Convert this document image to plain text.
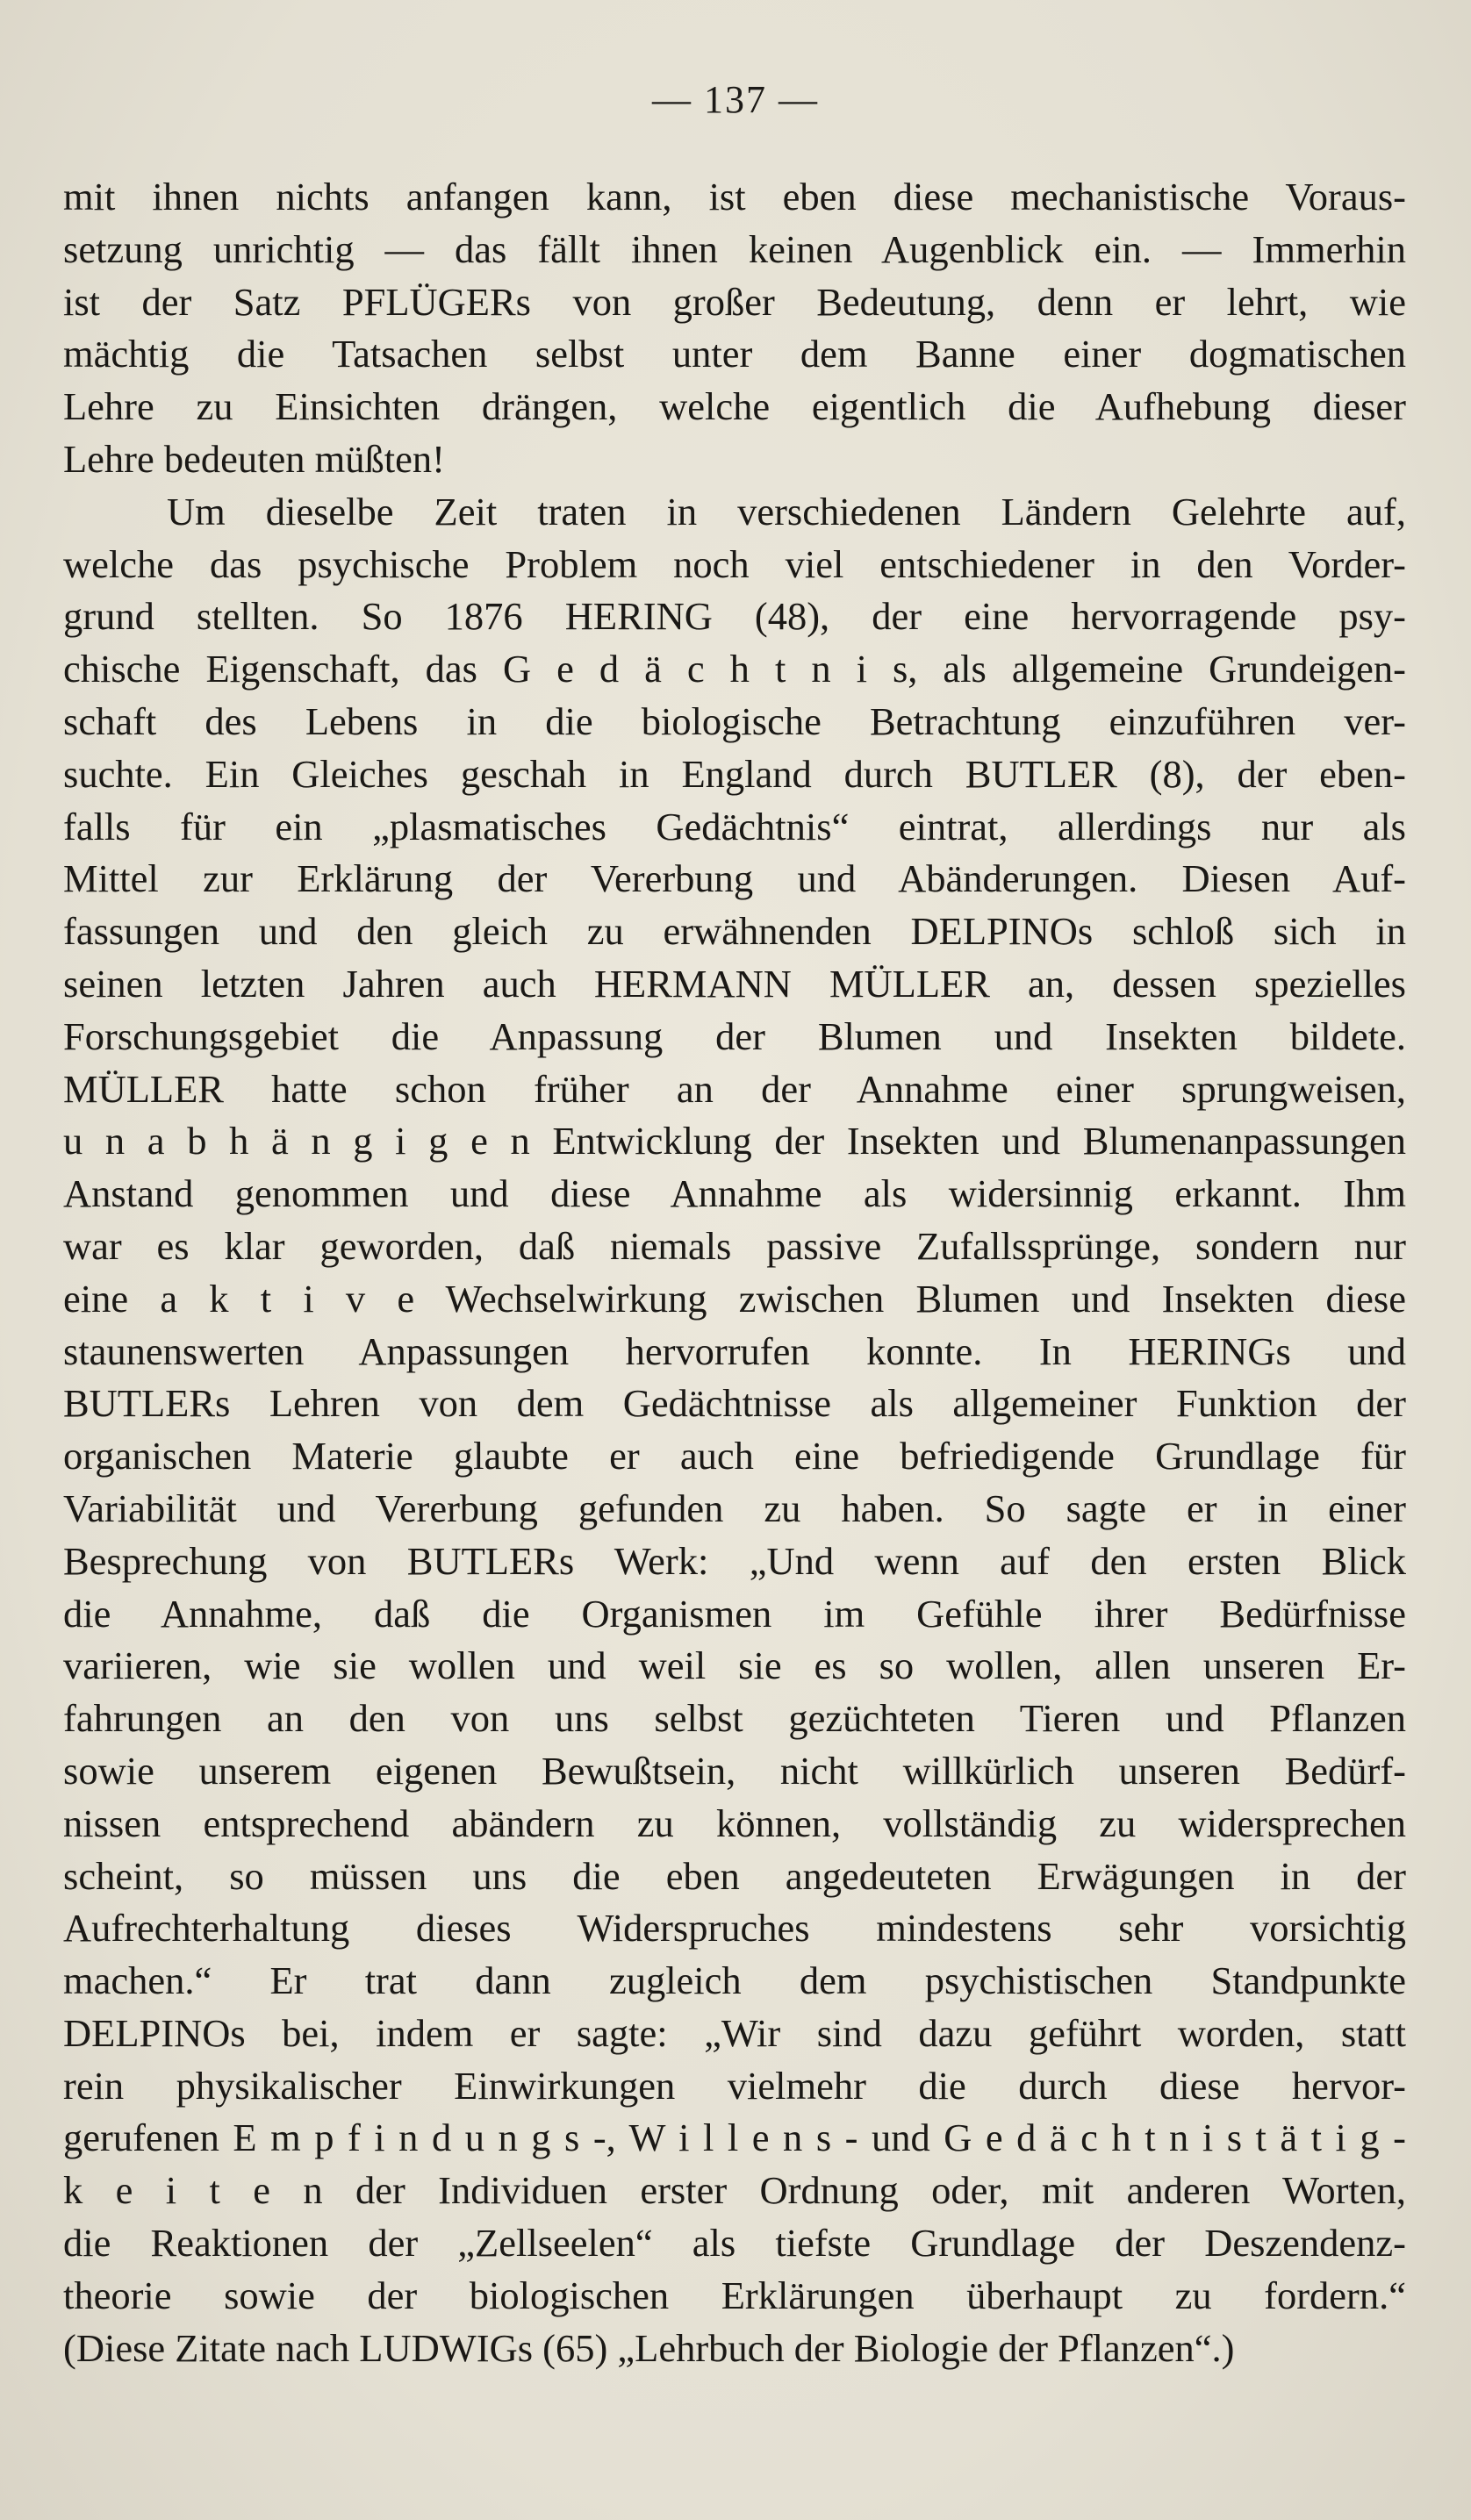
— 137 —
mit ihnen nichts anfangen kann, ist eben diese mechanistische Voraus-
setzung unrichtig — das fällt ihnen keinen Augenblick ein. — Immerhin
ist der Satz PFLÜGERs von großer Bedeutung, denn er lehrt, wie
mächtig die Tatsachen selbst unter dem Banne einer dogmatischen
Lehre zu Einsichten drängen, welche eigentlich die Aufhebung dieser
Lehre bedeuten müßten!
Um dieselbe Zeit traten in verschiedenen Ländern Gelehrte auf,
welche das psychische Problem noch viel entschiedener in den Vorder-
grund stellten. So 1876 HERING (48), der eine hervorragende psy-
chische Eigenschaft, das G e d ä c h t n i s, als allgemeine Grundeigen-
schaft des Lebens in die biologische Betrachtung einzuführen ver-
suchte. Ein Gleiches geschah in England durch BUTLER (8), der eben-
falls für ein „plasmatisches Gedächtnis“ eintrat, allerdings nur als
Mittel zur Erklärung der Vererbung und Abänderungen. Diesen Auf-
fassungen und den gleich zu erwähnenden DELPINOs schloß sich in
seinen letzten Jahren auch HERMANN MÜLLER an, dessen spezielles
Forschungsgebiet die Anpassung der Blumen und Insekten bildete.
MÜLLER hatte schon früher an der Annahme einer sprungweisen,
u n a b h ä n g i g e n Entwicklung der Insekten und Blumenanpassungen
Anstand genommen und diese Annahme als widersinnig erkannt. Ihm
war es klar geworden, daß niemals passive Zufallssprünge, sondern nur
eine a k t i v e Wechselwirkung zwischen Blumen und Insekten diese
staunenswerten Anpassungen hervorrufen konnte. In HERINGs und
BUTLERs Lehren von dem Gedächtnisse als allgemeiner Funktion der
organischen Materie glaubte er auch eine befriedigende Grundlage für
Variabilität und Vererbung gefunden zu haben. So sagte er in einer
Besprechung von BUTLERs Werk: „Und wenn auf den ersten Blick
die Annahme, daß die Organismen im Gefühle ihrer Bedürfnisse
variieren, wie sie wollen und weil sie es so wollen, allen unseren Er-
fahrungen an den von uns selbst gezüchteten Tieren und Pflanzen
sowie unserem eigenen Bewußtsein, nicht willkürlich unseren Bedürf-
nissen entsprechend abändern zu können, vollständig zu widersprechen
scheint, so müssen uns die eben angedeuteten Erwägungen in der
Aufrechterhaltung dieses Widerspruches mindestens sehr vorsichtig
machen.“ Er trat dann zugleich dem psychistischen Standpunkte
DELPINOs bei, indem er sagte: „Wir sind dazu geführt worden, statt
rein physikalischer Einwirkungen vielmehr die durch diese hervor-
gerufenen E m p f i n d u n g s -, W i l l e n s - und G e d ä c h t n i s t ä t i g -
k e i t e n der Individuen erster Ordnung oder, mit anderen Worten,
die Reaktionen der „Zellseelen“ als tiefste Grundlage der Deszendenz-
theorie sowie der biologischen Erklärungen überhaupt zu fordern.“
(Diese Zitate nach LUDWIGs (65) „Lehrbuch der Biologie der Pflanzen“.)
